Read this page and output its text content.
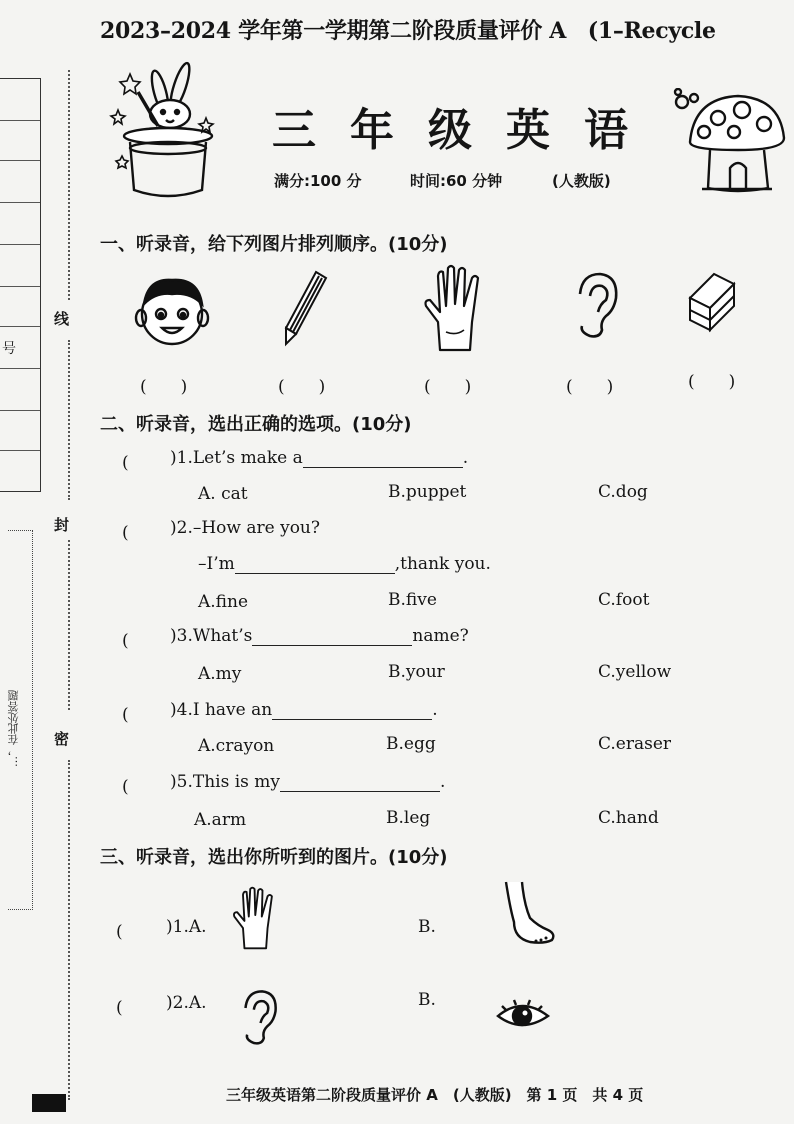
号
线
封
密
…，在此处答题
2023–2024 学年第一学期第二阶段质量评价 A　(1–Recycle
三年级英语
满分:100 分	时间:60 分钟	(人教版)
一、听录音，给下列图片排列顺序。(10分)
(　　)	(　　)	(　　)	(　　)	(　　)
二、听录音，选出正确的选项。(10分)
(　　 )1.Let’s make a	.
A. cat	B.puppet	C.dog
(　　 )2.–How are you?
–I’m	,thank you.
A.fine	B.five	C.foot
(　　 )3.What’s	name?
A.my	B.your	C.yellow
(　　 )4.I have an	.
A.crayon	B.egg	C.eraser
(　　 )5.This is my	.
A.arm	B.leg	C.hand
三、听录音，选出你所听到的图片。(10分)
(　　 )1.A.	B.
(　　 )2.A.	B.
三年级英语第二阶段质量评价 A　(人教版)　第 1 页　共 4 页
